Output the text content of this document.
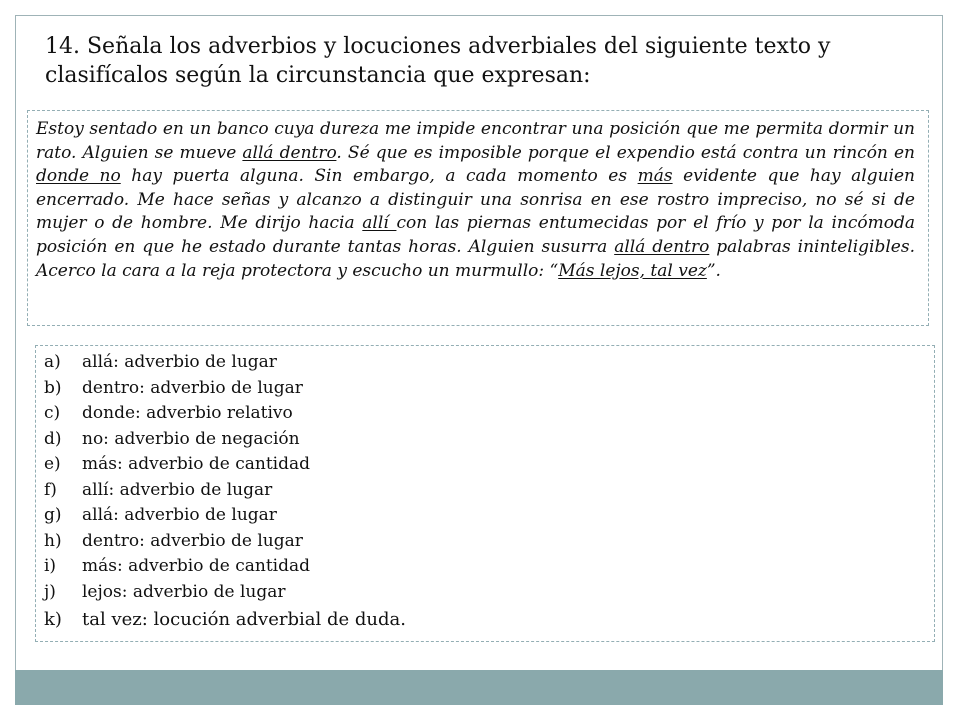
14. Señala los adverbios y locuciones adverbiales del siguiente texto y clasifícalos según la circunstancia que expresan:

Estoy sentado en un banco cuya dureza me impide encontrar una posición que me permita dormir un rato. Alguien se mueve allá dentro. Sé que es imposible porque el expendio está contra un rincón en donde no hay puerta alguna. Sin embargo, a cada momento es más evidente que hay alguien encerrado. Me hace señas y alcanzo a distinguir una sonrisa en ese rostro impreciso, no sé si de mujer o de hombre. Me dirijo hacia allí con las piernas entumecidas por el frío y por la incómoda posición en que he estado durante tantas horas. Alguien susurra allá dentro palabras ininteligibles. Acerco la cara a la reja protectora y escucho un murmullo: “Más lejos, tal vez”.

a)	allá: adverbio de lugar
b)	dentro: adverbio de lugar
c)	donde: adverbio relativo
d)	no: adverbio de negación
e)	más: adverbio de cantidad
f)	allí: adverbio de lugar
g)	allá: adverbio de lugar
h)	dentro: adverbio de lugar
i)	más: adverbio de cantidad
j)	lejos: adverbio de lugar
k)	tal vez: locución adverbial de duda.
